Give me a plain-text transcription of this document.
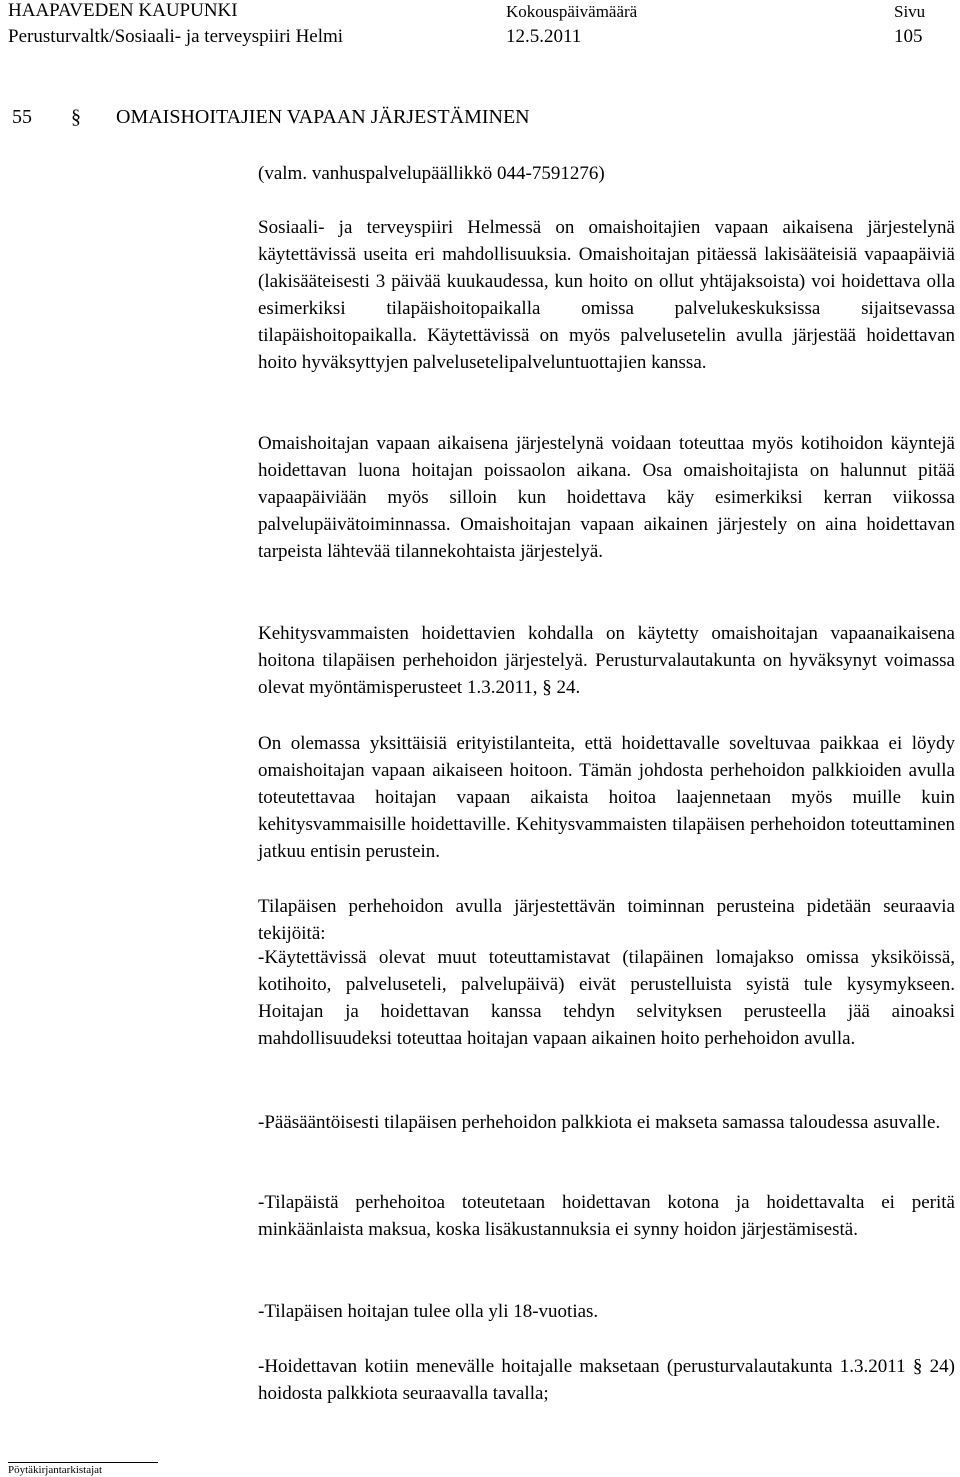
HAAPAVEDEN KAUPUNKI
Perusturvaltk/Sosiaali- ja terveyspiiri Helmi
Kokouspäivämäärä
12.5.2011
Sivu
105
55 § OMAISHOITAJIEN VAPAAN JÄRJESTÄMINEN

(valm. vanhuspalvelupäällikkö 044-7591276)

Sosiaali- ja terveyspiiri Helmessä on omaishoitajien vapaan aikaisena järjestelynä käytettävissä useita eri mahdollisuuksia. Omaishoitajan pitäessä lakisääteisiä vapaapäiviä (lakisääteisesti 3 päivää kuukaudessa, kun hoito on ollut yhtäjaksoista) voi hoidettava olla esimerkiksi tilapäishoitopaikalla omissa palvelukeskuksissa sijaitsevassa tilapäishoitopaikalla. Käytettävissä on myös palvelusetelin avulla järjestää hoidettavan hoito hyväksyttyjen palvelusetelipalveluntuottajien kanssa.

Omaishoitajan vapaan aikaisena järjestelynä voidaan toteuttaa myös kotihoidon käyntejä hoidettavan luona hoitajan poissaolon aikana. Osa omaishoitajista on halunnut pitää vapaapäiviään myös silloin kun hoidettava käy esimerkiksi kerran viikossa palvelupäivätoiminnassa. Omaishoitajan vapaan aikainen järjestely on aina hoidettavan tarpeista lähtevää tilannekohtaista järjestelyä.

Kehitysvammaisten hoidettavien kohdalla on käytetty omaishoitajan vapaanaikaisena hoitona tilapäisen perhehoidon järjestelyä. Perusturvalautakunta on hyväksynyt voimassa olevat myöntämisperusteet 1.3.2011, § 24.

On olemassa yksittäisiä erityistilanteita, että hoidettavalle soveltuvaa paikkaa ei löydy omaishoitajan vapaan aikaiseen hoitoon. Tämän johdosta perhehoidon palkkioiden avulla toteutettavaa hoitajan vapaan aikaista hoitoa laajennetaan myös muille kuin kehitysvammaisille hoidettaville. Kehitysvammaisten tilapäisen perhehoidon toteuttaminen jatkuu entisin perustein.

Tilapäisen perhehoidon avulla järjestettävän toiminnan perusteina pidetään seuraavia tekijöitä:

-Käytettävissä olevat muut toteuttamistavat (tilapäinen lomajakso omissa yksiköissä, kotihoito, palveluseteli, palvelupäivä) eivät perustelluista syistä tule kysymykseen. Hoitajan ja hoidettavan kanssa tehdyn selvityksen perusteella jää ainoaksi mahdollisuudeksi toteuttaa hoitajan vapaan aikainen hoito perhehoidon avulla.

-Pääsääntöisesti tilapäisen perhehoidon palkkiota ei makseta samassa taloudessa asuvalle.

-Tilapäistä perhehoitoa toteutetaan hoidettavan kotona ja hoidettavalta ei peritä minkäänlaista maksua, koska lisäkustannuksia ei synny hoidon järjestämisestä.

-Tilapäisen hoitajan tulee olla yli 18-vuotias.

-Hoidettavan kotiin menevälle hoitajalle maksetaan (perusturvalautakunta 1.3.2011 § 24) hoidosta palkkiota seuraavalla tavalla;

Pöytäkirjantarkistajat
